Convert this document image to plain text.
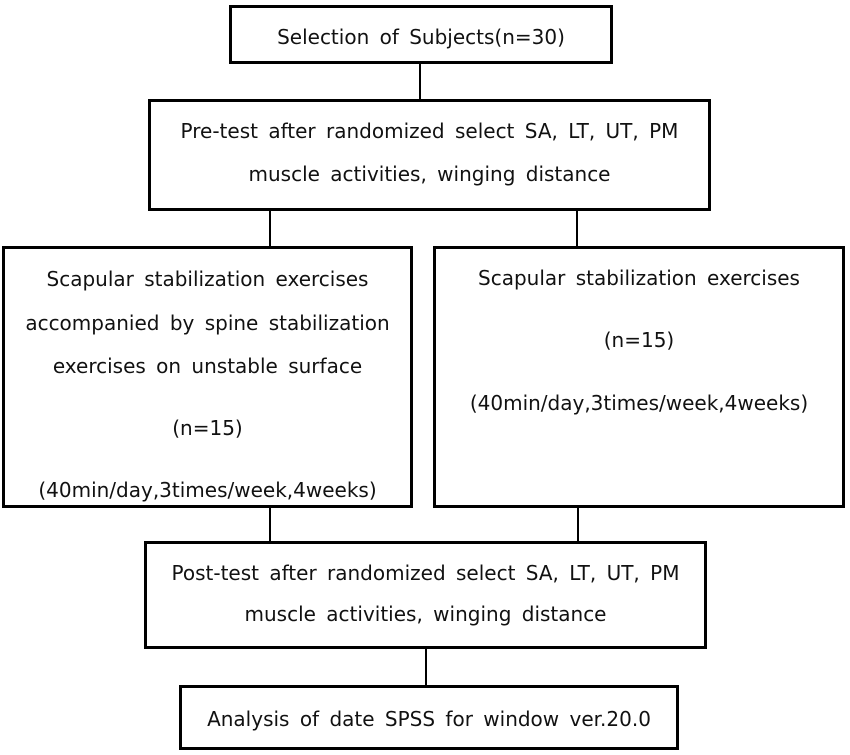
Selection of Subjects(n=30)
Pre-test after randomized select SA, LT, UT, PM
muscle activities, winging distance
Scapular stabilization exercises
accompanied by spine stabilization
exercises on unstable surface
(n=15)
(40min/day,3times/week,4weeks)
Scapular stabilization exercises
(n=15)
(40min/day,3times/week,4weeks)
Post-test after randomized select SA, LT, UT, PM
muscle activities, winging distance
Analysis of date SPSS for window ver.20.0
